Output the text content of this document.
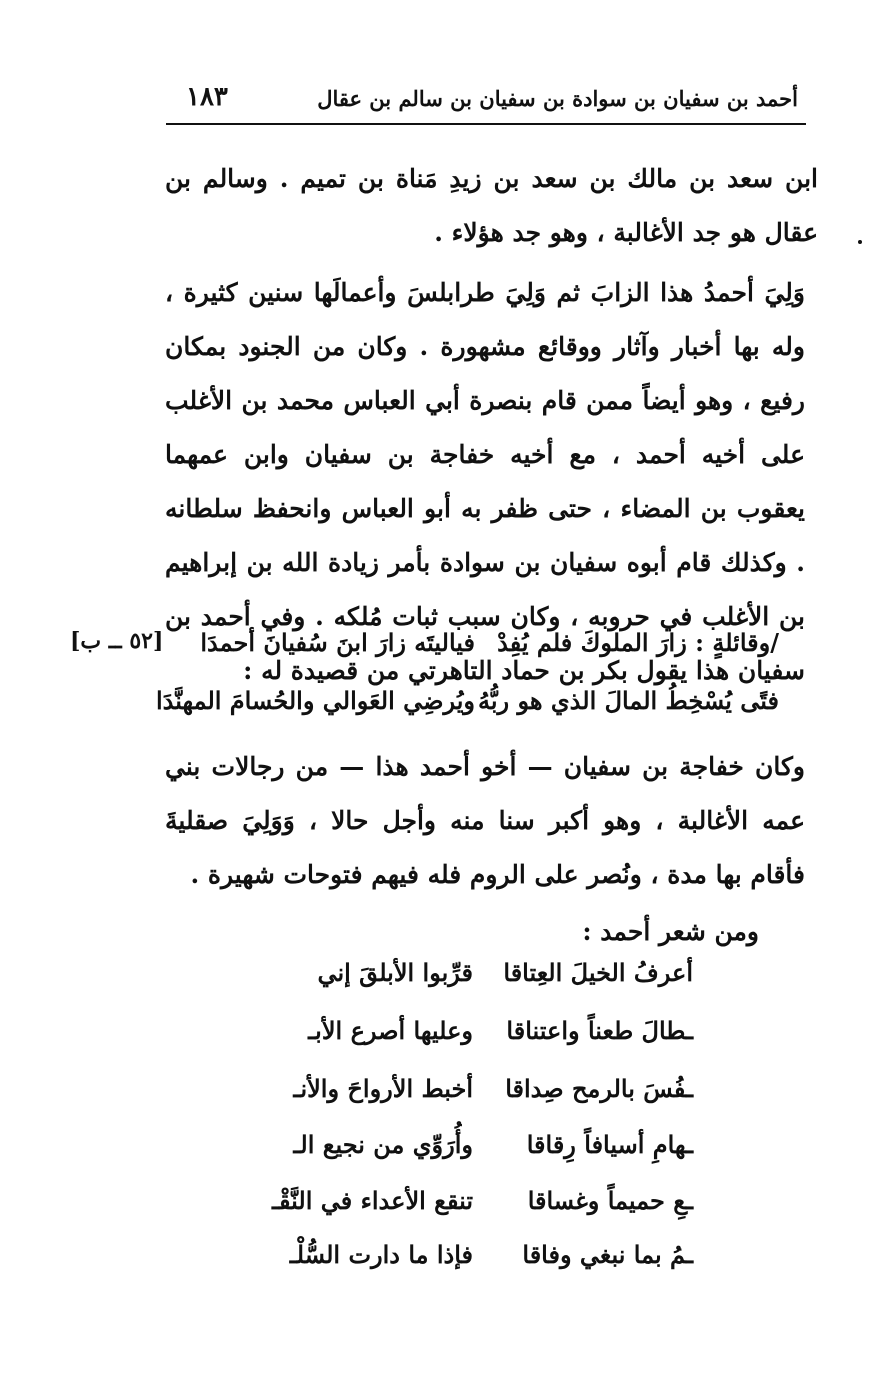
أحمد بن سفيان بن سوادة بن سفيان بن سالم بن عقال
١٨٣
ابن سعد بن مالك بن سعد بن زيدِ مَناة بن تميم . وسالم بن عقال هو جد الأغالبة ، وهو جد هؤلاء .
وَلِيَ أحمدُ هذا الزابَ ثم وَلِيَ طرابلسَ وأعمالَها سنين كثيرة ، وله بها أخبار وآثار ووقائع مشهورة . وكان من الجنود بمكان رفيع ، وهو أيضاً ممن قام بنصرة أبي العباس محمد بن الأغلب على أخيه أحمد ، مع أخيه خفاجة بن سفيان وابن عمهما يعقوب بن المضاء ، حتى ظفر به أبو العباس وانحفظ سلطانه . وكذلك قام أبوه سفيان بن سوادة بأمر زيادة الله بن إبراهيم بن الأغلب في حروبه ، وكان سبب ثبات مُلكه . وفي أحمد بن سفيان هذا يقول بكر بن حماد التاهرتي من قصيدة له :
[٥٢ ــ ب]	/وقائلةٍ : زارَ الملوكَ فلم يُفِدْ
فياليتَه زارَ ابنَ سُفيانَ أحمدَا
فتًى يُسْخِطُ المالَ الذي هو ربُّهُ
ويُرضِي العَوالي والحُسامَ المهنَّدَا
وكان خفاجة بن سفيان — أخو أحمد هذا — من رجالات بني عمه الأغالبة ، وهو أكبر سنا منه وأجل حالا ، وَوَلِيَ صقليةَ فأقام بها مدة ، ونُصر على الروم فله فيهم فتوحات شهيرة .
ومن شعر أحمد :
قرِّبوا الأبلقَ إني أعرفُ الخيلَ العِتاقا
وعليها أصرع الأبـ ـطالَ طعناً واعتناقا
أخبط الأرواحَ والأنـ ـفُسَ بالرمح صِداقا
وأُرَوِّي من نجيع الـ ـهامِ أسيافاً رِقاقا
تنقع الأعداء في النَّقْـ ـعِ حميماً وغساقا
فإذا ما دارت السُّلْـ ـمُ بما نبغي وفاقا
